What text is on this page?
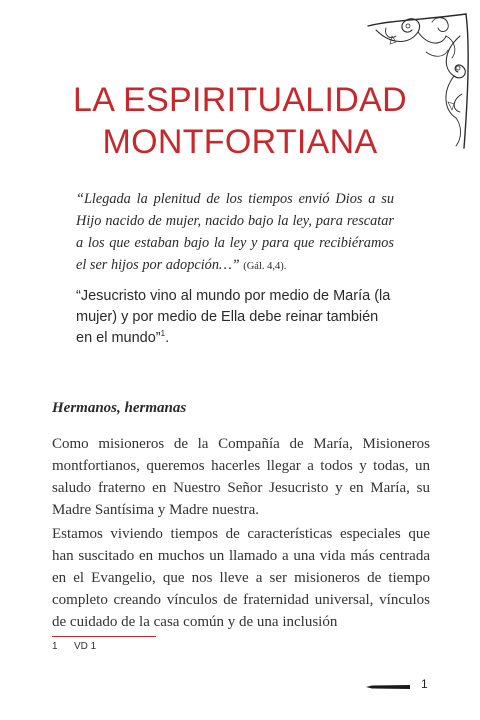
LA ESPIRITUALIDAD
MONTFORTIANA

“Llegada la plenitud de los tiempos envió Dios a su Hijo nacido de mujer, nacido bajo la ley, para rescatar a los que estaban bajo la ley y para que recibiéramos el ser hijos por adopción…” (Gál. 4,4).

“Jesucristo vino al mundo por medio de María (la mujer) y por medio de Ella debe reinar también en el mundo”$^1$.

Hermanos, hermanas

Como misioneros de la Compañía de María, Misioneros montfortianos, queremos hacerles llegar a todos y todas, un saludo fraterno en Nuestro Señor Jesucristo y en María, su Madre Santísima y Madre nuestra.

Estamos viviendo tiempos de características especiales que han suscitado en muchos un llamado a una vida más centrada en el Evangelio, que nos lleve a ser misioneros de tiempo completo creando vínculos de fraternidad universal, vínculos de cuidado de la casa común y de una inclusión

1 VD 1
1
